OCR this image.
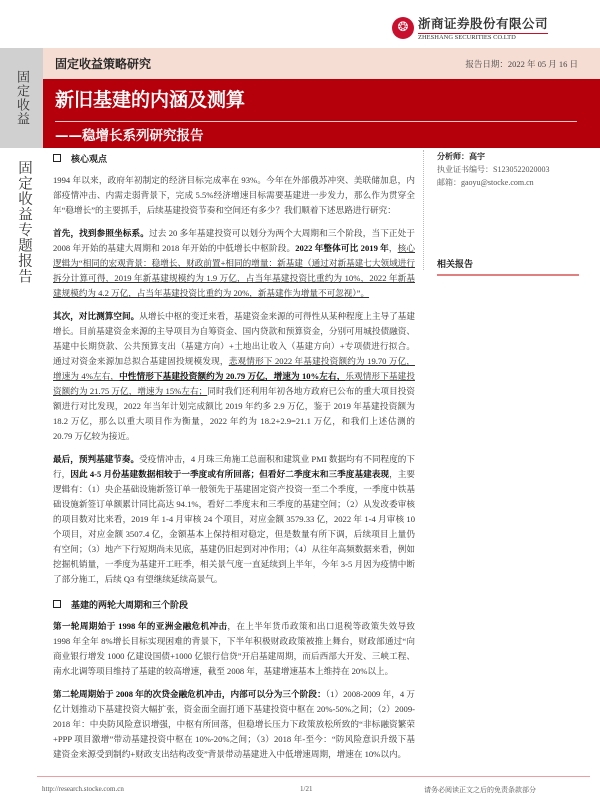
❂ 浙商证券股份有限公司
ZHESHANG SECURITIES CO.LTD
固定收益
固定收益策略研究	报告日期：2022 年 05 月 16 日
新旧基建的内涵及测算
——稳增长系列研究报告
固定收益专题报告
分析师：高宇
执业证书编号：S1230522020003
邮箱：gaoyu@stocke.com.cn
相关报告
核心观点

1994 年以来，政府年初制定的经济目标完成率在 93%。今年在外部俄苏冲突、美联储加息，内部疫情冲击、内需走弱背景下，完成 5.5%经济增速目标需要基建进一步发力，那么作为贯穿全年“稳增长”的主要抓手，后续基建投资节奏和空间还有多少？我们顺着下述思路进行研究：

首先，找到参照坐标系。过去 20 多年基建投资可以划分为两个大周期和三个阶段，当下正处于 2008 年开始的基建大周期和 2018 年开始的中低增长中枢阶段。2022 年整体可比 2019 年，核心逻辑为“相同的宏观背景：稳增长、财政前置+相同的增量：新基建（通过对新基建七大领域进行拆分计算可得，2019 年新基建规模约为 1.9 万亿，占当年基建投资比重约为 10%，2022 年新基建规模约为 4.2 万亿，占当年基建投资比重约为 20%，新基建作为增量不可忽视）”。

其次，对比测算空间。从增长中枢的变迁来看，基建资金来源的可得性从某种程度上主导了基建增长。目前基建资金来源的主导项目为自筹资金、国内贷款和预算资金，分别可用城投债融资、基建中长期贷款、公共预算支出（基建方向）+土地出让收入（基建方向）+专项债进行拟合。通过对资金来源加总拟合基建固投规模发现，悲观情形下 2022 年基建投资额约为 19.70 万亿，增速为 4%左右，中性情形下基建投资额约为 20.79 万亿，增速为 10%左右，乐观情形下基建投资额约为 21.75 万亿，增速为 15%左右；同时我们还利用年初各地方政府已公布的重大项目投资额进行对比发现，2022 年当年计划完成额比 2019 年约多 2.9 万亿，鉴于 2019 年基建投资额为 18.2 万亿，那么以重大项目作为衡量，2022 年约为 18.2+2.9=21.1 万亿，和我们上述估测的 20.79 万亿较为接近。

最后，预判基建节奏。受疫情冲击，4 月珠三角施工总面积和建筑业 PMI 数据均有不同程度的下行，因此 4-5 月份基建数据相较于一季度或有所回落；但看好二季度末和三季度基建表现，主要逻辑有：（1）央企基础设施新签订单一般领先于基建固定资产投资一至二个季度，一季度中铁基础设施新签订单额累计同比高达 94.1%，看好二季度末和三季度的基建空间；（2）从发改委审核的项目数对比来看，2019 年 1-4 月审核 24 个项目，对应金额 3579.33 亿，2022 年 1-4 月审核 10 个项目，对应金额 3507.4 亿，金额基本上保持相对稳定，但是数量有所下调，后续项目上量仍有空间；（3）地产下行短期尚未见底，基建仍旧起到对冲作用；（4）从往年高频数据来看，例如挖掘机销量，一季度为基建开工旺季，相关景气度一直延续到上半年，今年 3-5 月因为疫情中断了部分施工，后续 Q3 有望继续延续高景气。

基建的两轮大周期和三个阶段

第一轮周期始于 1998 年的亚洲金融危机冲击，在上半年货币政策和出口退税等政策失效导致 1998 年全年 8%增长目标实现困难的背景下，下半年积极财政政策被推上舞台，财政部通过“向商业银行增发 1000 亿建设国债+1000 亿银行信贷”开启基建周期，而后西部大开发、三峡工程、南水北调等项目维持了基建的较高增速，截至 2008 年，基建增速基本上维持在 20%以上。

第二轮周期始于 2008 年的次贷金融危机冲击，内部可以分为三个阶段：（1）2008-2009 年，4 万亿计划推动下基建投资大幅扩张，资金面全面打通下基建投资中枢在 20%-50%之间；（2）2009-2018 年：中央防风险意识增强，中枢有所回落，但稳增长压力下政策放松所致的“非标融资繁荣+PPP 项目激增”带动基建投资中枢在 10%-20%之间；（3）2018 年-至今：“防风险意识升级下基建资金来源受到制约+财政支出结构改变”背景带动基建进入中低增速周期，增速在 10%以内。

http://research.stocke.com.cn	1/21	请务必阅读正文之后的免责条款部分
